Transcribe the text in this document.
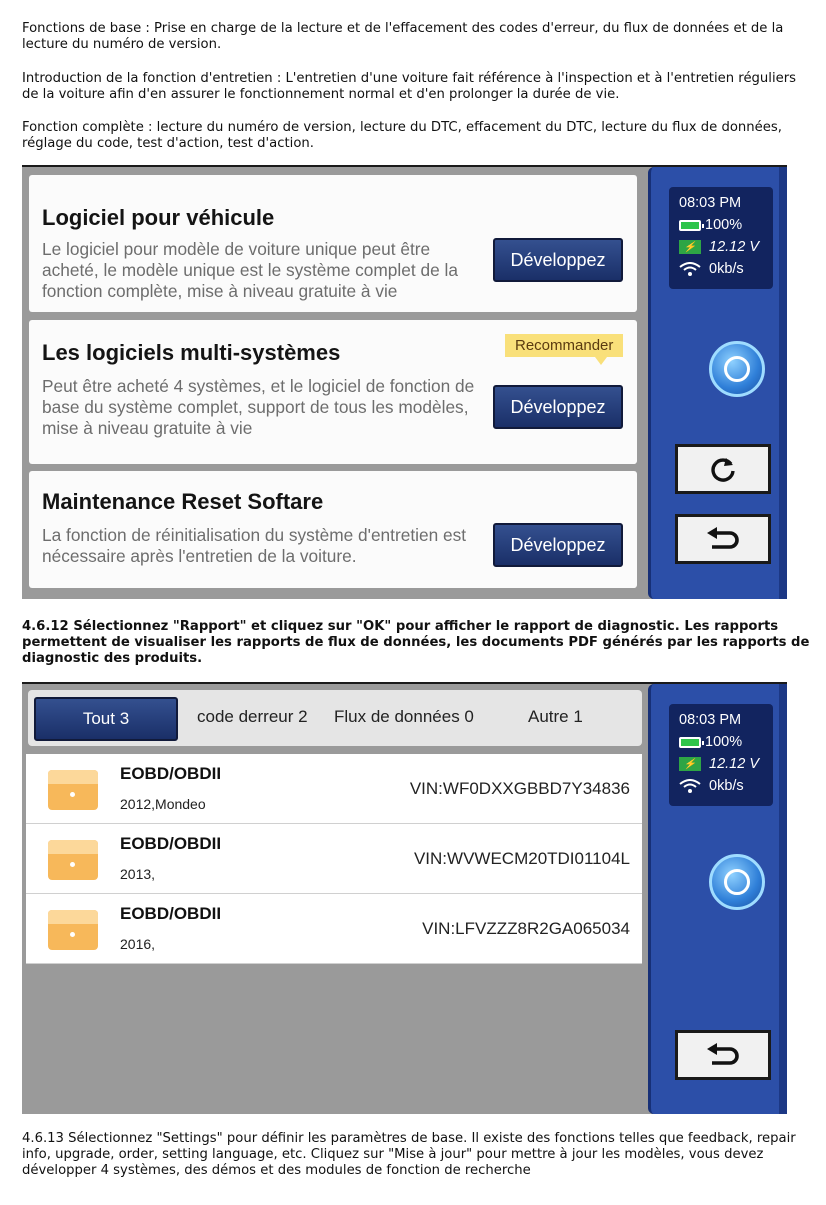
Fonctions de base : Prise en charge de la lecture et de l'effacement des codes d'erreur, du flux de données et de la lecture du numéro de version.

Introduction de la fonction d'entretien : L'entretien d'une voiture fait référence à l'inspection et à l'entretien réguliers de la voiture afin d'en assurer le fonctionnement normal et d'en prolonger la durée de vie.

Fonction complète : lecture du numéro de version, lecture du DTC, effacement du DTC, lecture du flux de données, réglage du code, test d'action, test d'action.

Logiciel pour véhicule
Le logiciel pour modèle de voiture unique peut être acheté, le modèle unique est le système complet de la fonction complète, mise à niveau gratuite à vie
Développez
Recommander
Les logiciels multi-systèmes
Peut être acheté 4 systèmes, et le logiciel de fonction de base du système complet, support de tous les modèles, mise à niveau gratuite à vie
Développez
Maintenance Reset Softare
La fonction de réinitialisation du système d'entretien est nécessaire après l'entretien de la voiture.
Développez
08:03 PM
100%
⚡ 12.12 V
0kb/s

4.6.12 Sélectionnez "Rapport" et cliquez sur "OK" pour afficher le rapport de diagnostic. Les rapports permettent de visualiser les rapports de flux de données, les documents PDF générés par les rapports de diagnostic des produits.

Tout 3	code derreur 2 Flux de données 0	Autre 1
EOBD/OBDII
2012,Mondeo
VIN:WF0DXXGBBD7Y34836
EOBD/OBDII
2013,
VIN:WVWECM20TDI01104L
EOBD/OBDII
2016,
VIN:LFVZZZ8R2GA065034
08:03 PM
100%
⚡ 12.12 V
0kb/s

4.6.13 Sélectionnez "Settings" pour définir les paramètres de base. Il existe des fonctions telles que feedback, repair info, upgrade, order, setting language, etc. Cliquez sur "Mise à jour" pour mettre à jour les modèles, vous devez développer 4 systèmes, des démos et des modules de fonction de recherche
